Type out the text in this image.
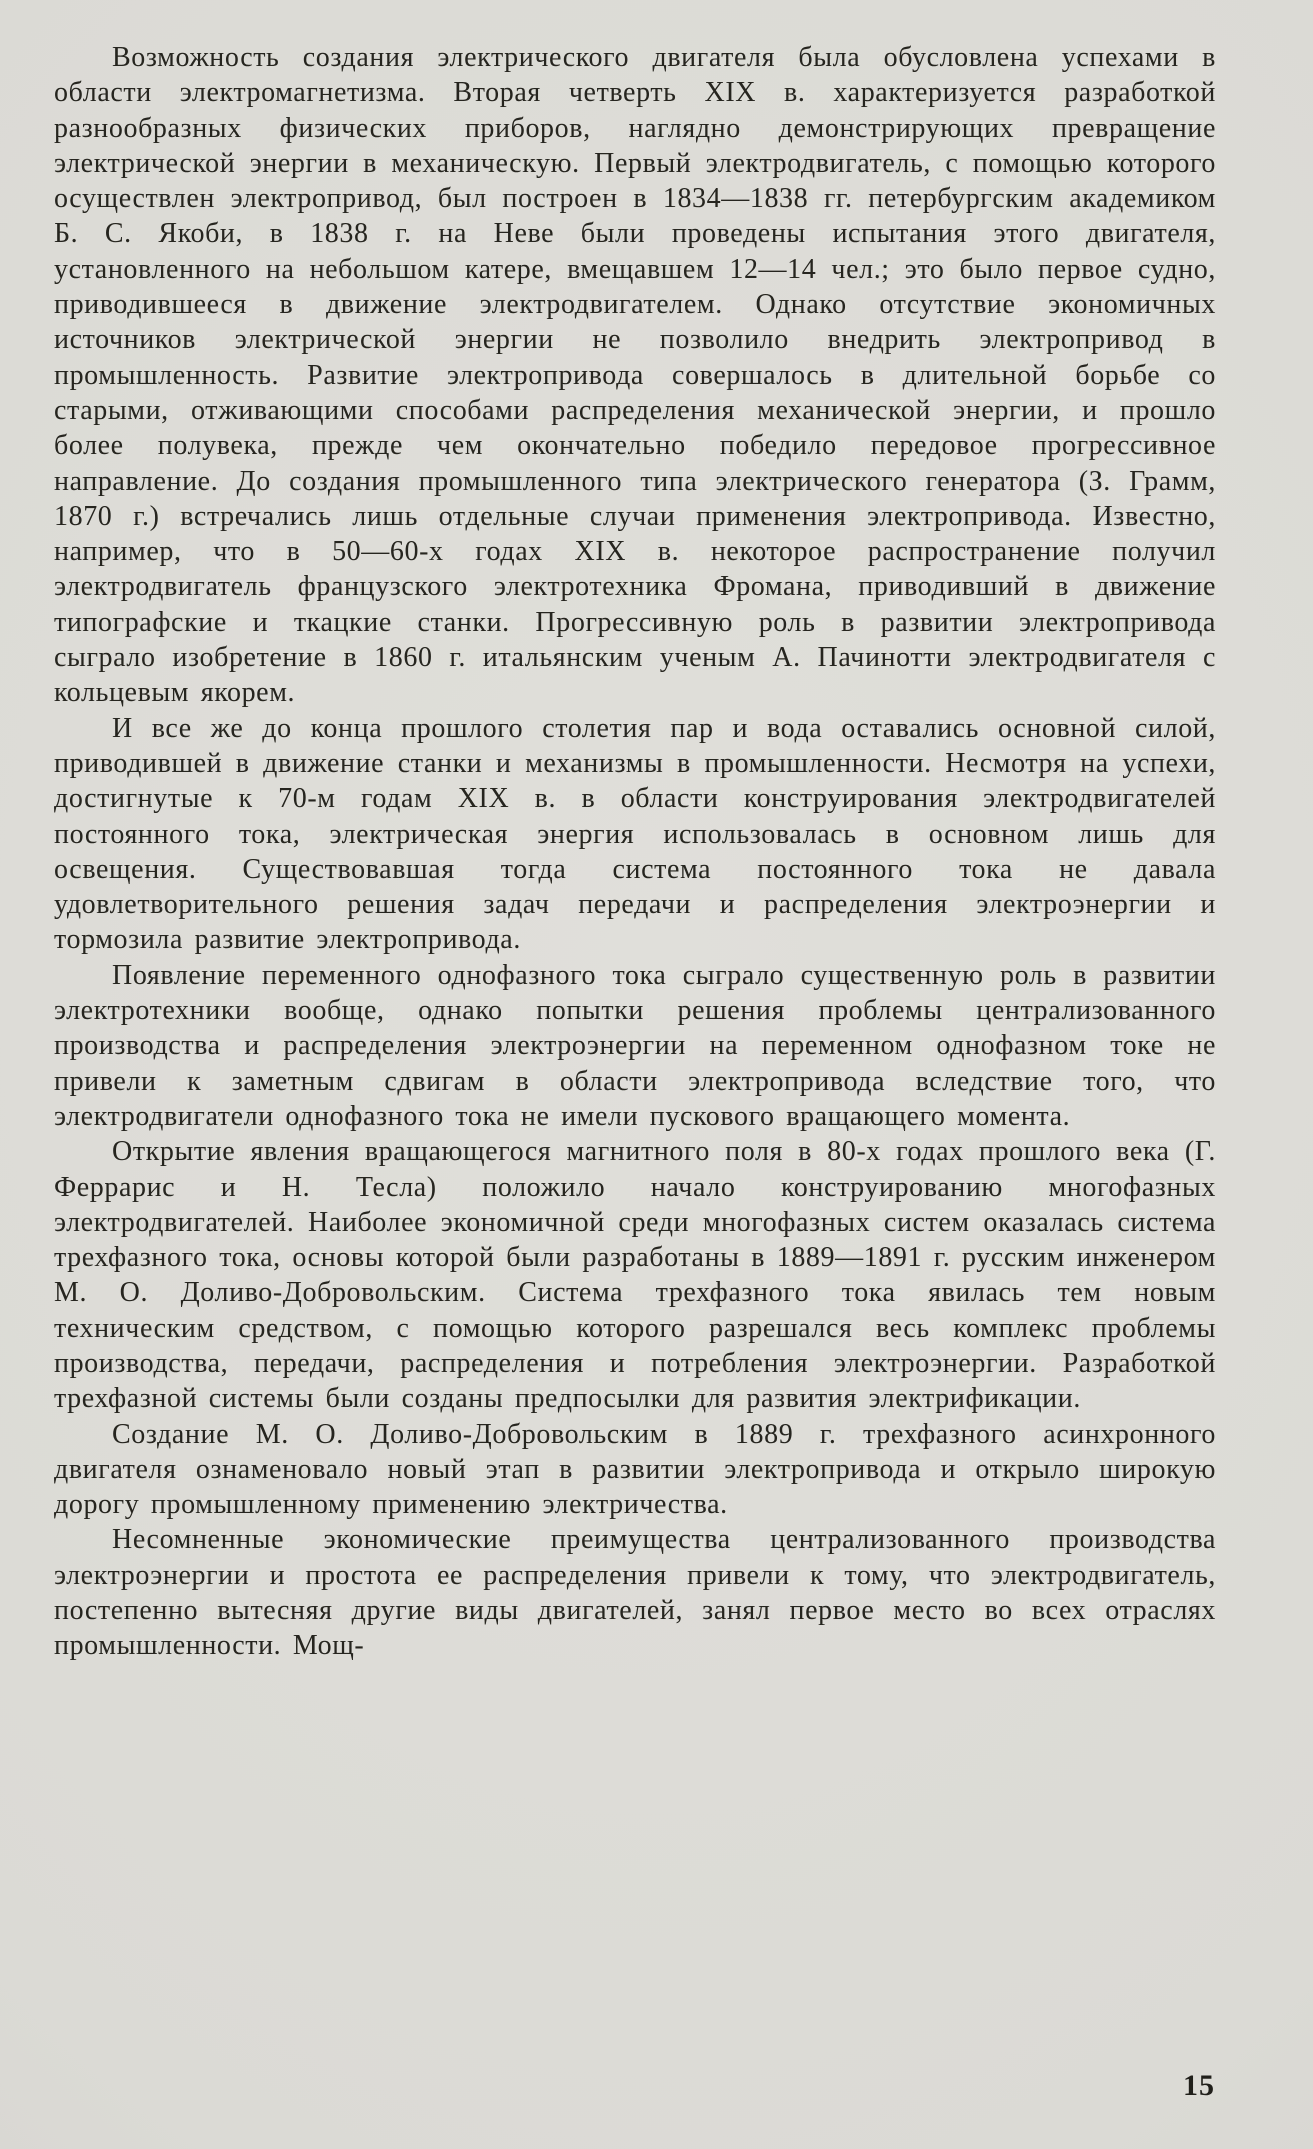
Возможность создания электрического двигателя была обусловлена успехами в области электромагнетизма. Вторая четверть XIX в. характеризуется разработкой разнообразных физических приборов, наглядно демонстрирующих превращение электрической энергии в механическую. Первый электродвигатель, с помощью которого осуществлен электропривод, был построен в 1834—1838 гг. петербургским академиком Б. С. Якоби, в 1838 г. на Неве были проведены испытания этого двигателя, установленного на небольшом катере, вмещавшем 12—14 чел.; это было первое судно, приводившееся в движение электродвигателем. Однако отсутствие экономичных источников электрической энергии не позволило внедрить электропривод в промышленность. Развитие электропривода совершалось в длительной борьбе со старыми, отживающими способами распределения механической энергии, и прошло более полувека, прежде чем окончательно победило передовое прогрессивное направление. До создания промышленного типа электрического генератора (З. Грамм, 1870 г.) встречались лишь отдельные случаи применения электропривода. Известно, например, что в 50—60-х годах XIX в. некоторое распространение получил электродвигатель французского электротехника Фромана, приводивший в движение типографские и ткацкие станки. Прогрессивную роль в развитии электропривода сыграло изобретение в 1860 г. итальянским ученым А. Пачинотти электродвигателя с кольцевым якорем.

И все же до конца прошлого столетия пар и вода оставались основной силой, приводившей в движение станки и механизмы в промышленности. Несмотря на успехи, достигнутые к 70-м годам XIX в. в области конструирования электродвигателей постоянного тока, электрическая энергия использовалась в основном лишь для освещения. Существовавшая тогда система постоянного тока не давала удовлетворительного решения задач передачи и распределения электроэнергии и тормозила развитие электропривода.

Появление переменного однофазного тока сыграло существенную роль в развитии электротехники вообще, однако попытки решения проблемы централизованного производства и распределения электроэнергии на переменном однофазном токе не привели к заметным сдвигам в области электропривода вследствие того, что электродвигатели однофазного тока не имели пускового вращающего момента.

Открытие явления вращающегося магнитного поля в 80-х годах прошлого века (Г. Феррарис и Н. Тесла) положило начало конструированию многофазных электродвигателей. Наиболее экономичной среди многофазных систем оказалась система трехфазного тока, основы которой были разработаны в 1889—1891 г. русским инженером М. О. Доливо-Добровольским. Система трехфазного тока явилась тем новым техническим средством, с помощью которого разрешался весь комплекс проблемы производства, передачи, распределения и потребления электроэнергии. Разработкой трехфазной системы были созданы предпосылки для развития электрификации.

Создание М. О. Доливо-Добровольским в 1889 г. трехфазного асинхронного двигателя ознаменовало новый этап в развитии электропривода и открыло широкую дорогу промышленному применению электричества.

Несомненные экономические преимущества централизованного производства электроэнергии и простота ее распределения привели к тому, что электродвигатель, постепенно вытесняя другие виды двигателей, занял первое место во всех отраслях промышленности. Мощ-

15
